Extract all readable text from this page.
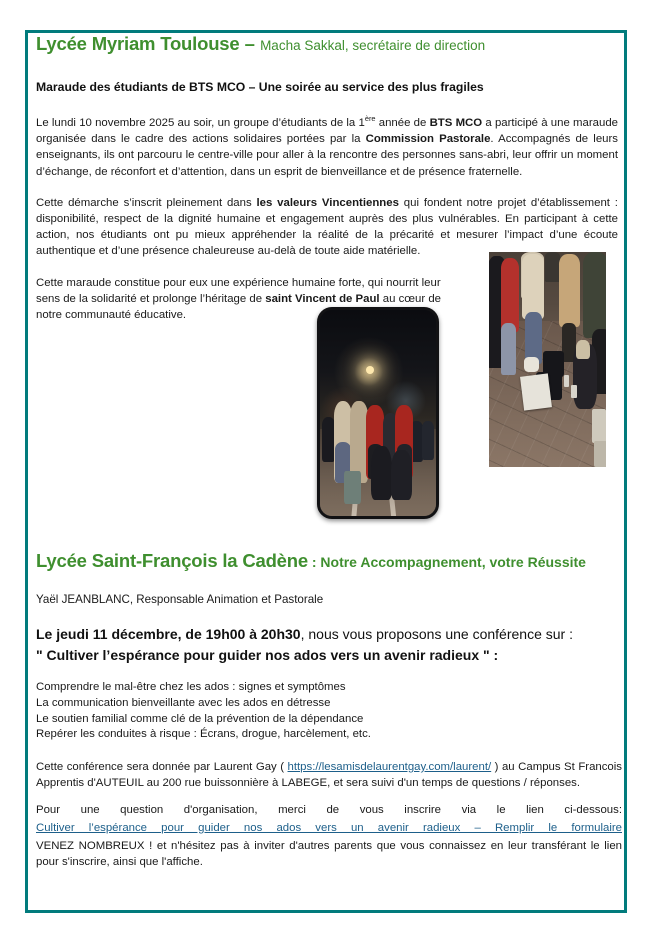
Lycée Myriam Toulouse – Macha Sakkal, secrétaire de direction

Maraude des étudiants de BTS MCO – Une soirée au service des plus fragiles

Le lundi 10 novembre 2025 au soir, un groupe d’étudiants de la 1ère année de BTS MCO a participé à une maraude organisée dans le cadre des actions solidaires portées par la Commission Pastorale. Accompagnés de leurs enseignants, ils ont parcouru le centre-ville pour aller à la rencontre des personnes sans-abri, leur offrir un moment d’échange, de réconfort et d’attention, dans un esprit de bienveillance et de présence fraternelle.

Cette démarche s’inscrit pleinement dans les valeurs Vincentiennes qui fondent notre projet d’établissement : disponibilité, respect de la dignité humaine et engagement auprès des plus vulnérables. En participant à cette action, nos étudiants ont pu mieux appréhender la réalité de la précarité et mesurer l’impact d’une écoute authentique et d’une présence chaleureuse au-delà de toute aide matérielle.

Cette maraude constitue pour eux une expérience humaine forte, qui nourrit leur sens de la solidarité et prolonge l’héritage de saint Vincent de Paul au cœur de notre communauté éducative.

Lycée Saint-François la Cadène : Notre Accompagnement, votre Réussite

Yaël JEANBLANC, Responsable Animation et Pastorale

Le jeudi 11 décembre, de 19h00 à 20h30, nous vous proposons une conférence sur :
" Cultiver l’espérance pour guider nos ados vers un avenir radieux " :

Comprendre le mal-être chez les ados : signes et symptômes
La communication bienveillante avec les ados en détresse
Le soutien familial comme clé de la prévention de la dépendance
Repérer les conduites à risque : Écrans, drogue, harcèlement, etc.

Cette conférence sera donnée par Laurent Gay ( https://lesamisdelaurentgay.com/laurent/ ) au Campus St Francois Apprentis d'AUTEUIL au 200 rue buissonnière à LABEGE, et sera suivi d'un temps de questions / réponses.

Pour une question d'organisation, merci de vous inscrire via le lien ci-dessous:

Cultiver l’espérance pour guider nos ados vers un avenir radieux – Remplir le formulaire

VENEZ NOMBREUX ! et n'hésitez pas à inviter d'autres parents que vous connaissez en leur transférant le lien pour s'inscrire, ainsi que l'affiche.
